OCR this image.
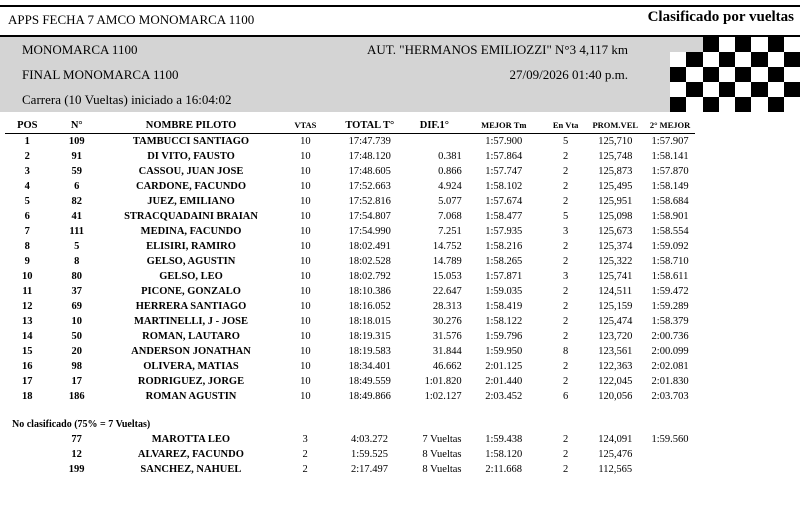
APPS FECHA 7 AMCO MONOMARCA 1100	Clasificado por vueltas
MONOMARCA 1100	AUT. "HERMANOS EMILIOZZI" N°3 4,117 km
FINAL MONOMARCA 1100	27/09/2026 01:40 p.m.
Carrera (10 Vueltas) iniciado a 16:04:02
POS	N°	NOMBRE PILOTO	VTAS	TOTAL T°	DIF.1°	MEJOR Tm	En Vta	PROM.VEL	2° MEJOR
1	109	TAMBUCCI SANTIAGO	10	17:47.739		1:57.900	5	125,710	1:57.907
2	91	DI VITO, FAUSTO	10	17:48.120	0.381	1:57.864	2	125,748	1:58.141
3	59	CASSOU, JUAN JOSE	10	17:48.605	0.866	1:57.747	2	125,873	1:57.870
4	6	CARDONE, FACUNDO	10	17:52.663	4.924	1:58.102	2	125,495	1:58.149
5	82	JUEZ, EMILIANO	10	17:52.816	5.077	1:57.674	2	125,951	1:58.684
6	41	STRACQUADAINI BRAIAN	10	17:54.807	7.068	1:58.477	5	125,098	1:58.901
7	111	MEDINA, FACUNDO	10	17:54.990	7.251	1:57.935	3	125,673	1:58.554
8	5	ELISIRI, RAMIRO	10	18:02.491	14.752	1:58.216	2	125,374	1:59.092
9	8	GELSO, AGUSTIN	10	18:02.528	14.789	1:58.265	2	125,322	1:58.710
10	80	GELSO, LEO	10	18:02.792	15.053	1:57.871	3	125,741	1:58.611
11	37	PICONE, GONZALO	10	18:10.386	22.647	1:59.035	2	124,511	1:59.472
12	69	HERRERA SANTIAGO	10	18:16.052	28.313	1:58.419	2	125,159	1:59.289
13	10	MARTINELLI, J - JOSE	10	18:18.015	30.276	1:58.122	2	125,474	1:58.379
14	50	ROMAN, LAUTARO	10	18:19.315	31.576	1:59.796	2	123,720	2:00.736
15	20	ANDERSON JONATHAN	10	18:19.583	31.844	1:59.950	8	123,561	2:00.099
16	98	OLIVERA, MATIAS	10	18:34.401	46.662	2:01.125	2	122,363	2:02.081
17	17	RODRIGUEZ, JORGE	10	18:49.559	1:01.820	2:01.440	2	122,045	2:01.830
18	186	ROMAN AGUSTIN	10	18:49.866	1:02.127	2:03.452	6	120,056	2:03.703
No clasificado (75% = 7 Vueltas)
	77	MAROTTA LEO	3	4:03.272	7 Vueltas	1:59.438	2	124,091	1:59.560
	12	ALVAREZ, FACUNDO	2	1:59.525	8 Vueltas	1:58.120	2	125,476	
	199	SANCHEZ, NAHUEL	2	2:17.497	8 Vueltas	2:11.668	2	112,565	
